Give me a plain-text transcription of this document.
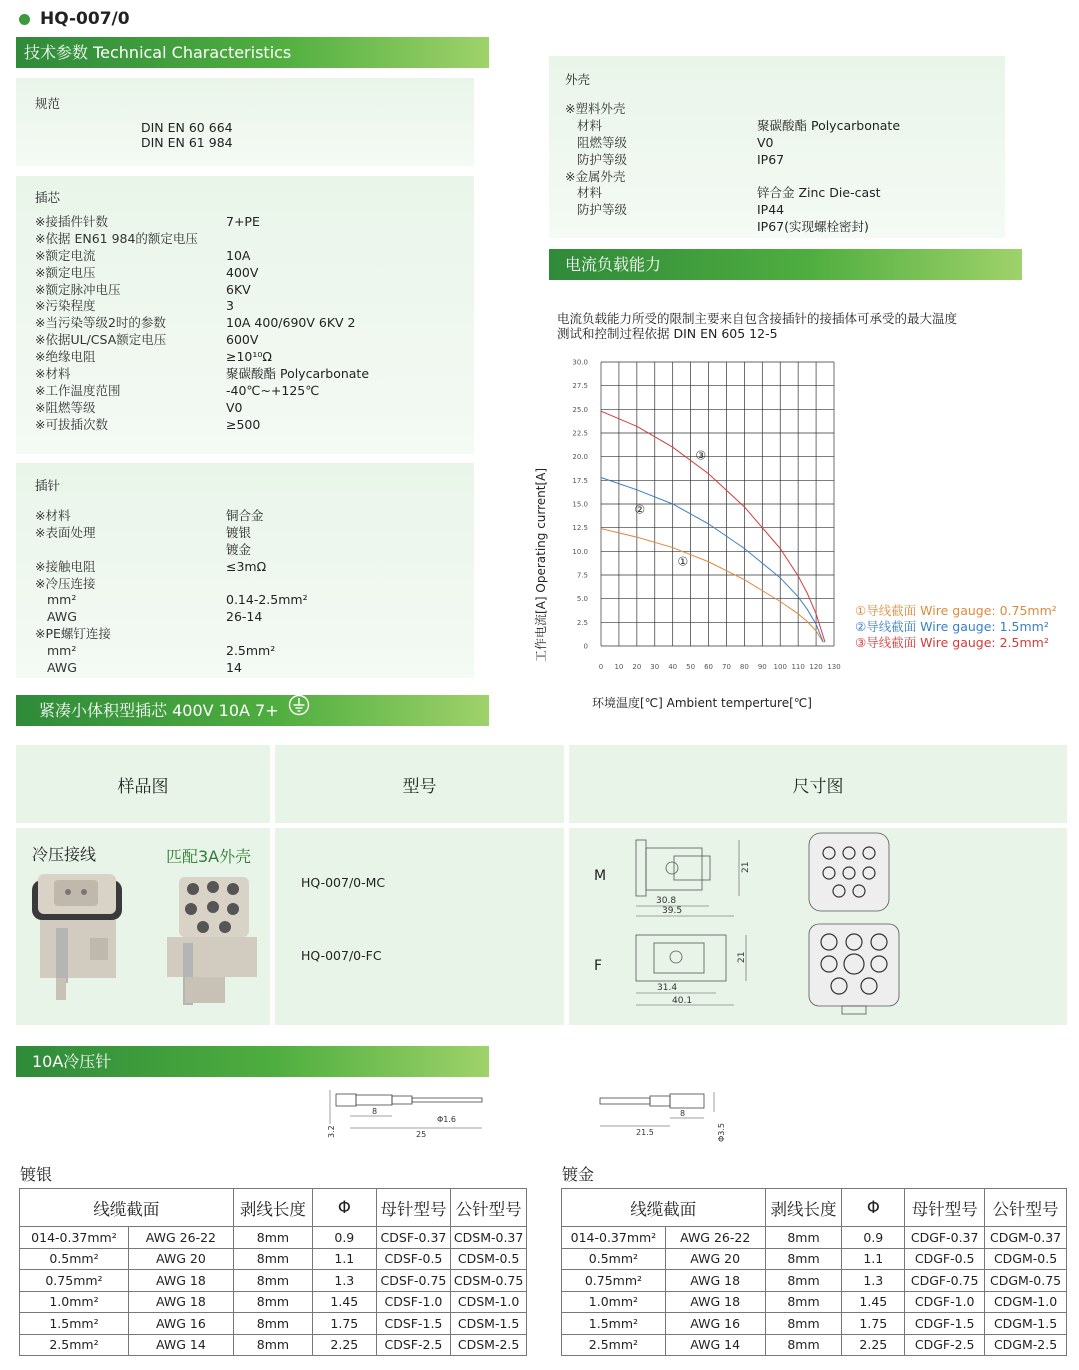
HQ-007/0
技术参数 Technical Characteristics
规范
DIN EN 60 664
DIN EN 61 984
插芯
※接插件针数	7+PE
※依据 EN61 984的额定电压
※额定电流	10A
※额定电压	400V
※额定脉冲电压	6KV
※污染程度	3
※当污染等级2时的参数	10A 400/690V 6KV 2
※依据UL/CSA额定电压	600V
※绝缘电阻	≥10¹⁰Ω
※材料	聚碳酸酯 Polycarbonate
※工作温度范围	-40℃~+125℃
※阻燃等级	V0
※可拔插次数	≥500
插针
※材料	铜合金
※表面处理	镀银
镀金
※接触电阻	≤3mΩ
※冷压连接
mm²	0.14-2.5mm²
AWG	26-14
※PE螺钉连接
mm²	2.5mm²
AWG	14
外壳
※塑料外壳
材料	聚碳酸酯 Polycarbonate
阻燃等级	V0
防护等级	IP67
※金属外壳
材料	锌合金 Zinc Die-cast
防护等级	IP44
IP67(实现螺栓密封)
电流负载能力
电流负载能力所受的限制主要来自包含接插针的接插体可承受的最大温度
测试和控制过程依据 DIN EN 605 12-5
0 10 20 30 40 50 60 70 80 90 100 110 120 130
0
2.5
5.0
7.5
10.0
12.5
15.0
17.5
20.0
22.5
25.0
27.5
30.0
①
②
③
①导线截面 Wire gauge: 0.75mm²
②导线截面 Wire gauge: 1.5mm²
③导线截面 Wire gauge: 2.5mm²
工作电流[A] Operating current[A]
环境温度[℃] Ambient temperture[℃]
紧凑小体积型插芯 400V 10A 7+
样品图	型号	尺寸图
冷压接线	匹配3A外壳
HQ-007/0-MC
HQ-007/0-FC
M
F
30.8
39.5
21
31.4
40.1
21
10A冷压针
3.2
8
25
Φ1.6
21.5
8
Φ3.5
镀银
线缆截面		剥线长度	Φ	母针型号	公针型号
014-0.37mm²	AWG 26-22	8mm	0.9	CDSF-0.37	CDSM-0.37
0.5mm²	AWG 20	8mm	1.1	CDSF-0.5	CDSM-0.5
0.75mm²	AWG 18	8mm	1.3	CDSF-0.75	CDSM-0.75
1.0mm²	AWG 18	8mm	1.45	CDSF-1.0	CDSM-1.0
1.5mm²	AWG 16	8mm	1.75	CDSF-1.5	CDSM-1.5
2.5mm²	AWG 14	8mm	2.25	CDSF-2.5	CDSM-2.5
镀金
线缆截面		剥线长度	Φ	母针型号	公针型号
014-0.37mm²	AWG 26-22	8mm	0.9	CDGF-0.37	CDGM-0.37
0.5mm²	AWG 20	8mm	1.1	CDGF-0.5	CDGM-0.5
0.75mm²	AWG 18	8mm	1.3	CDGF-0.75	CDGM-0.75
1.0mm²	AWG 18	8mm	1.45	CDGF-1.0	CDGM-1.0
1.5mm²	AWG 16	8mm	1.75	CDGF-1.5	CDGM-1.5
2.5mm²	AWG 14	8mm	2.25	CDGF-2.5	CDGM-2.5
